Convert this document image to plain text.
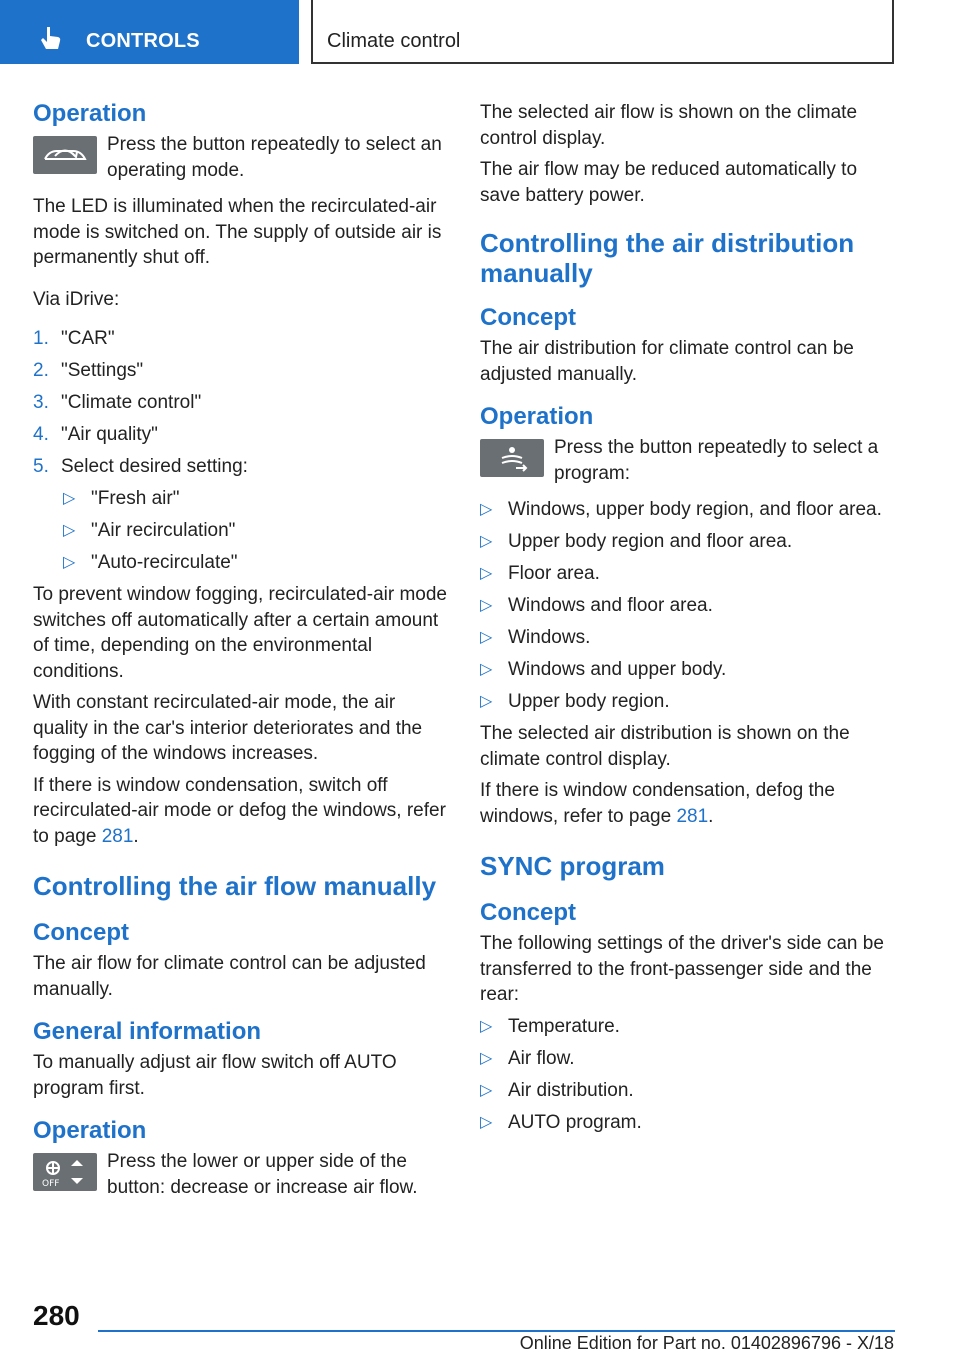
CONTROLS	Climate control
Operation
Press the button repeatedly to select an operating mode.

The LED is illuminated when the recirculated-air mode is switched on. The supply of outside air is permanently shut off.

Via iDrive:

1. "CAR"
2. "Settings"
3. "Climate control"
4. "Air quality"
5. Select desired setting:
▷ "Fresh air"
▷ "Air recirculation"
▷ "Auto-recirculate"

To prevent window fogging, recirculated-air mode switches off automatically after a certain amount of time, depending on the environmental conditions.

With constant recirculated-air mode, the air quality in the car's interior deteriorates and the fogging of the windows increases.

If there is window condensation, switch off recirculated-air mode or defog the windows, refer to page 281.

Controlling the air flow manually
Concept

The air flow for climate control can be adjusted manually.

General information

To manually adjust air flow switch off AUTO program first.

Operation
OFF
Press the lower or upper side of the button: decrease or increase air flow.

The selected air flow is shown on the climate control display.

The air flow may be reduced automatically to save battery power.

Controlling the air distribution manually
Concept

The air distribution for climate control can be adjusted manually.

Operation
Press the button repeatedly to select a program:
▷ Windows, upper body region, and floor area.
▷ Upper body region and floor area.
▷ Floor area.
▷ Windows and floor area.
▷ Windows.
▷ Windows and upper body.
▷ Upper body region.

The selected air distribution is shown on the climate control display.

If there is window condensation, defog the windows, refer to page 281.

SYNC program
Concept

The following settings of the driver's side can be transferred to the front-passenger side and the rear:

▷ Temperature.
▷ Air flow.
▷ Air distribution.
▷ AUTO program.
280
Online Edition for Part no. 01402896796 - X/18
